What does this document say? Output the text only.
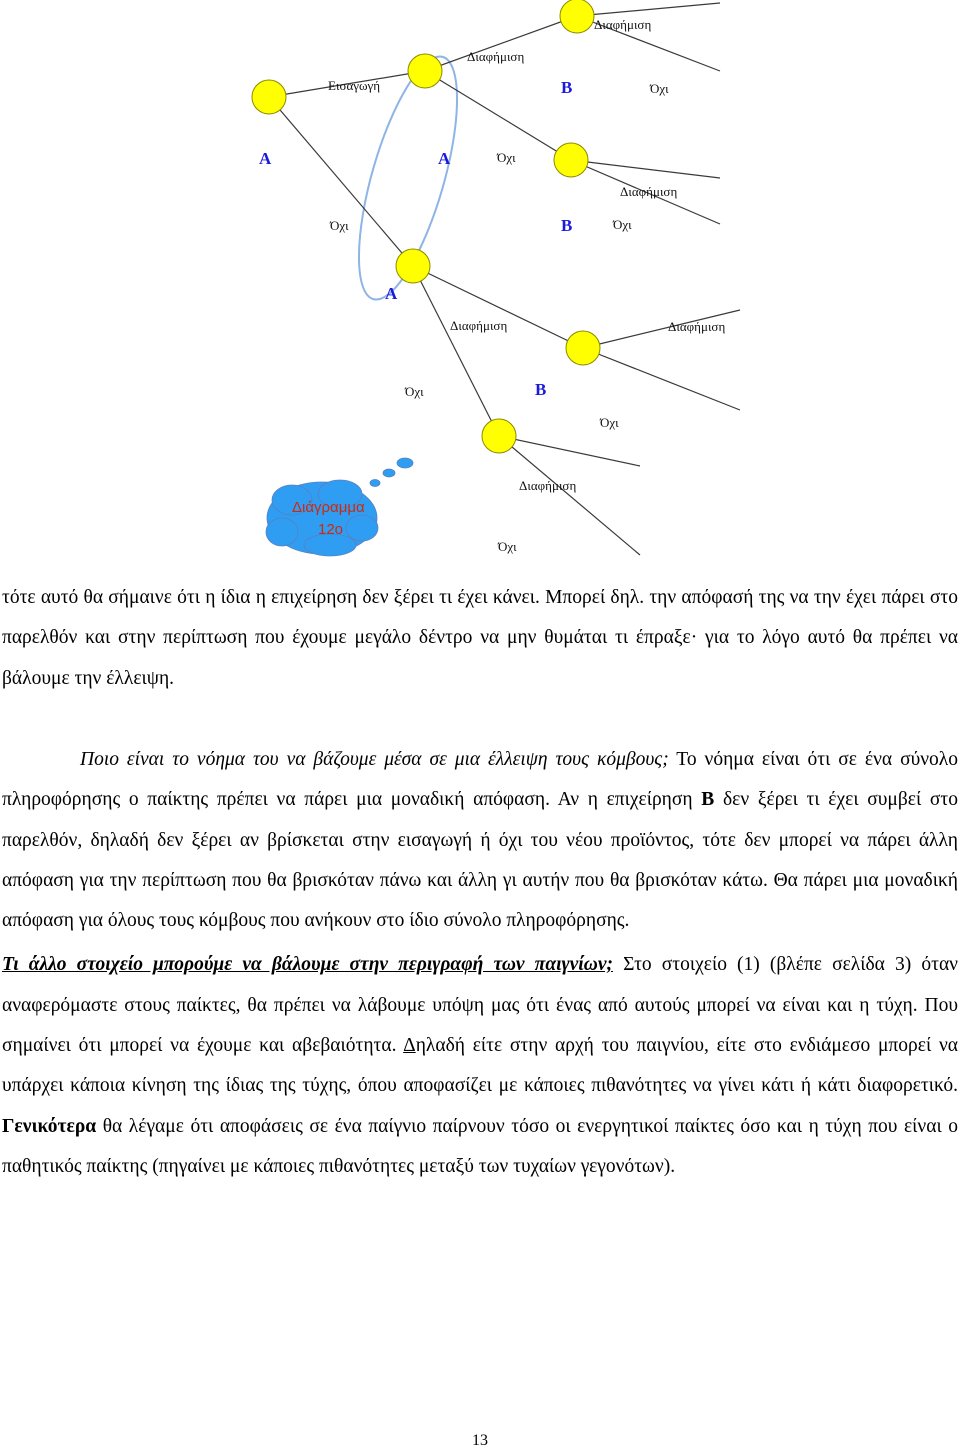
Εισαγωγή
Όχι
Διαφήμιση
Όχι
Διαφήμιση
Όχι
Διαφήμιση
Όχι
Διαφήμιση
Όχι
Διαφήμιση
Όχι
Διαφήμιση
Όχι
A	A
A
B
B
B
Διάγραμμα
12ο

τότε αυτό θα σήμαινε ότι η ίδια η επιχείρηση δεν ξέρει τι έχει κάνει. Μπορεί δηλ. την απόφασή της να την έχει πάρει στο παρελθόν και στην περίπτωση που έχουμε μεγάλο δέντρο να μην θυμάται τι έπραξε· για το λόγο αυτό θα πρέπει να βάλουμε την έλλειψη.

Ποιο είναι το νόημα του να βάζουμε μέσα σε μια έλλειψη τους κόμβους; Το νόημα είναι ότι σε ένα σύνολο πληροφόρησης ο παίκτης πρέπει να πάρει μια μοναδική απόφαση. Αν η επιχείρηση B δεν ξέρει τι έχει συμβεί στο παρελθόν, δηλαδή δεν ξέρει αν βρίσκεται στην εισαγωγή ή όχι του νέου προϊόντος, τότε δεν μπορεί να πάρει άλλη απόφαση για την περίπτωση που θα βρισκόταν πάνω και άλλη γι αυτήν που θα βρισκόταν κάτω. Θα πάρει μια μοναδική απόφαση για όλους τους κόμβους που ανήκουν στο ίδιο σύνολο πληροφόρησης.

Τι άλλο στοιχείο μπορούμε να βάλουμε στην περιγραφή των παιγνίων; Στο στοιχείο (1) (βλέπε σελίδα 3) όταν αναφερόμαστε στους παίκτες, θα πρέπει να λάβουμε υπόψη μας ότι ένας από αυτούς μπορεί να είναι και η τύχη. Που σημαίνει ότι μπορεί να έχουμε και αβεβαιότητα. Δηλαδή είτε στην αρχή του παιγνίου, είτε στο ενδιάμεσο μπορεί να υπάρχει κάποια κίνηση της ίδιας της τύχης, όπου αποφασίζει με κάποιες πιθανότητες να γίνει κάτι ή κάτι διαφορετικό. Γενικότερα θα λέγαμε ότι αποφάσεις σε ένα παίγνιο παίρνουν τόσο οι ενεργητικοί παίκτες όσο και η τύχη που είναι ο παθητικός παίκτης (πηγαίνει με κάποιες πιθανότητες μεταξύ των τυχαίων γεγονότων).

13
